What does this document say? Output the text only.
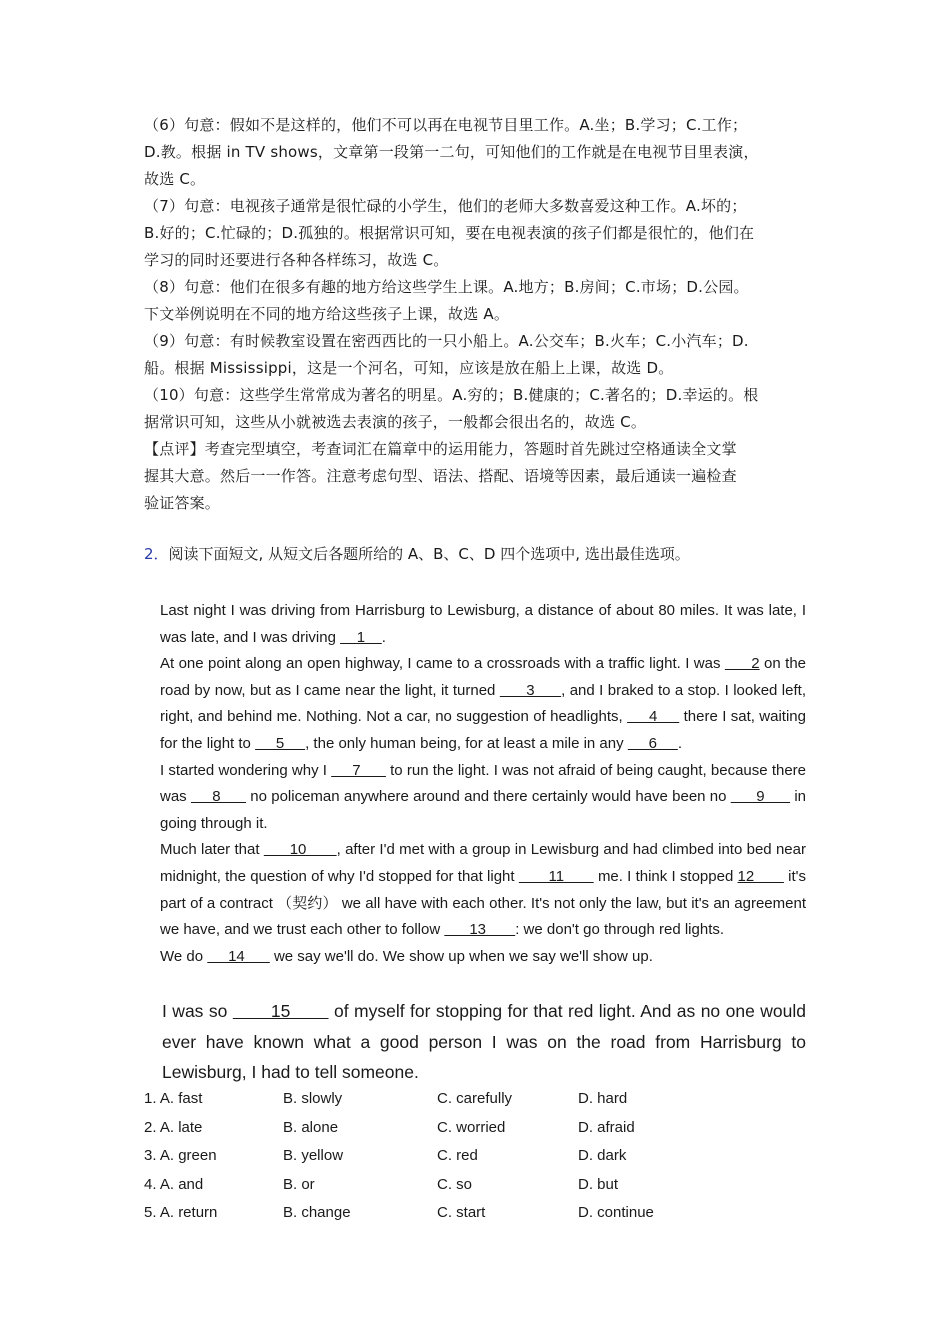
（6）句意：假如不是这样的，他们不可以再在电视节目里工作。A.坐；B.学习；C.工作；

D.教。根据 in TV shows，文章第一段第一二句，可知他们的工作就是在电视节目里表演，

故选 C。

（7）句意：电视孩子通常是很忙碌的小学生，他们的老师大多数喜爱这种工作。A.坏的；

B.好的；C.忙碌的；D.孤独的。根据常识可知，要在电视表演的孩子们都是很忙的，他们在

学习的同时还要进行各种各样练习，故选 C。

（8）句意：他们在很多有趣的地方给这些学生上课。A.地方；B.房间；C.市场；D.公园。

下文举例说明在不同的地方给这些孩子上课，故选 A。

（9）句意：有时候教室设置在密西西比的一只小船上。A.公交车；B.火车；C.小汽车；D.

船。根据 Mississippi，这是一个河名，可知，应该是放在船上上课，故选 D。

（10）句意：这些学生常常成为著名的明星。A.穷的；B.健康的；C.著名的；D.幸运的。根

据常识可知，这些从小就被选去表演的孩子，一般都会很出名的，故选 C。

【点评】考查完型填空，考查词汇在篇章中的运用能力，答题时首先跳过空格通读全文掌

握其大意。然后一一作答。注意考虑句型、语法、搭配、语境等因素，最后通读一遍检查

验证答案。

2．阅读下面短文, 从短文后各题所给的 A、B、C、D 四个选项中, 选出最佳选项。

Last night I was driving from Harrisburg to Lewisburg, a distance of about 80 miles. It was late, I was late, and I was driving     1    .

At one point along an open highway, I came to a crossroads with a traffic light. I was       2 on the road by now, but as I came near the light, it turned       3      , and I braked to a stop. I looked left, right, and behind me. Nothing. Not a car, no suggestion of headlights,      4      there I sat, waiting for the light to      5     , the only human being, for at least a mile in any      6     .

I started wondering why I      7       to run the light. I was not afraid of being caught, because there was      8       no policeman anywhere around and there certainly would have been no       9       in going through it.

Much later that       10       , after I'd met with a group in Lewisburg and had climbed into bed near midnight, the question of why I'd stopped for that light        11        me. I think I stopped 12        it's part of a contract （契约） we all have with each other. It's not only the law, but it's an agreement we have, and we trust each other to follow       13       : we don't go through red lights.

We do      14       we say we'll do. We show up when we say we'll show up.

I was so        15        of myself for stopping for that red light. And as no one would ever have known what a good person I was on the road from Harrisburg to Lewisburg, I had to tell someone.

1. A. fast	B. slowly	C. carefully	D. hard
2. A. late	B. alone	C. worried	D. afraid
3. A. green	B. yellow	C. red	D. dark
4. A. and	B. or	C. so	D. but
5. A. return	B. change	C. start	D. continue
